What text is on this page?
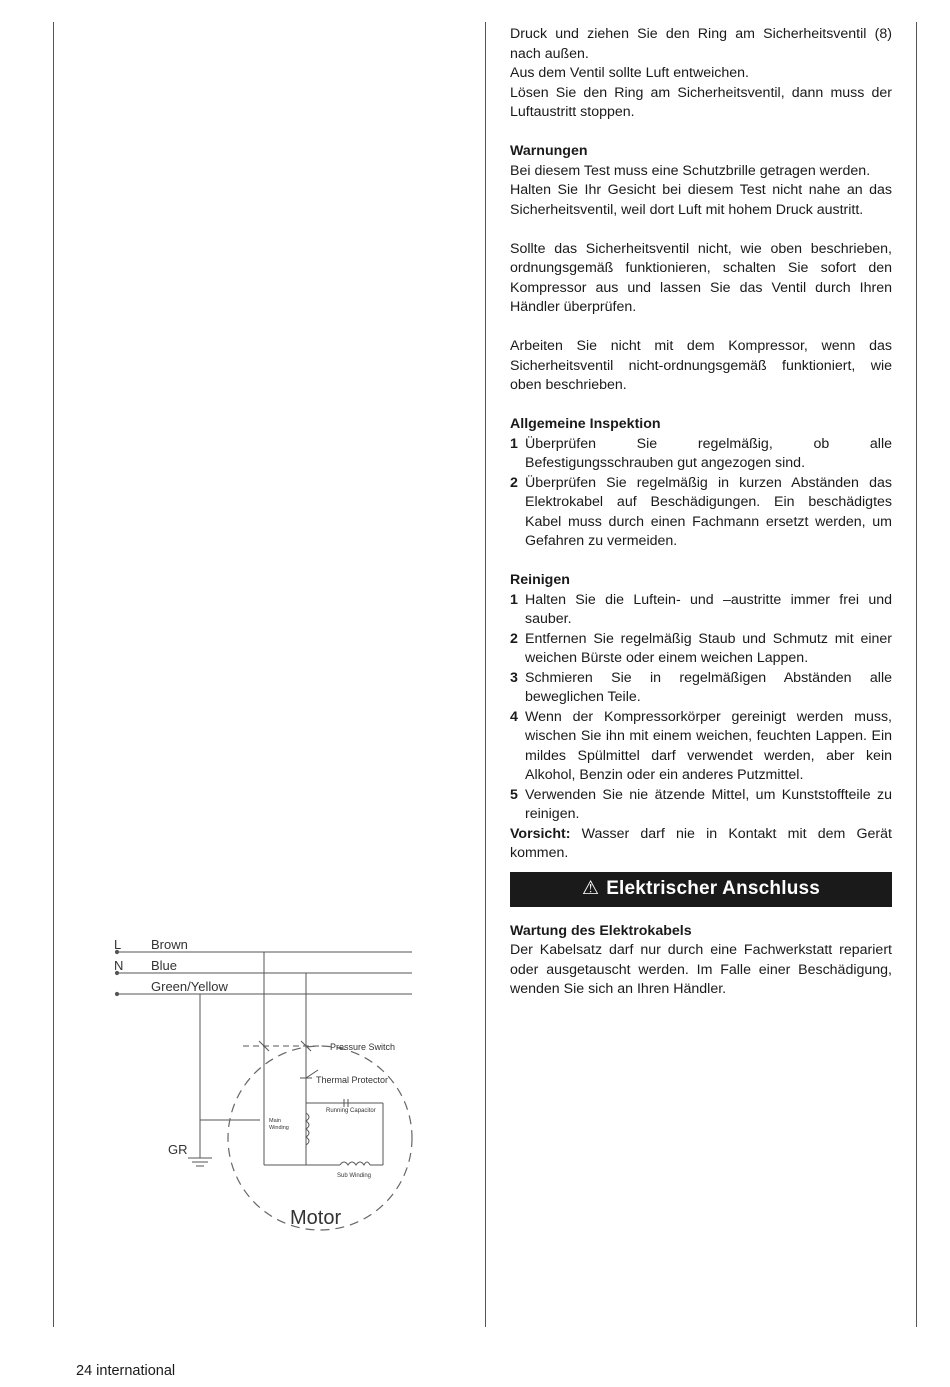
L
N
Brown
Blue
Green/Yellow
Pressure Switch
Thermal Protector
Main
Winding
Running Capacitor
Sub Winding
GR
Motor

Druck und ziehen Sie den Ring am Sicherheitsventil (8) nach außen.

Aus dem Ventil sollte Luft entweichen.

Lösen Sie den Ring am Sicherheitsventil, dann muss der Luftaustritt stoppen.

Warnungen

Bei diesem Test muss eine Schutzbrille getragen werden.

Halten Sie Ihr Gesicht bei diesem Test nicht nahe an das Sicherheitsventil, weil dort Luft mit hohem Druck austritt.

Sollte das Sicherheitsventil nicht, wie oben beschrieben, ordnungsgemäß funktionieren, schalten Sie sofort den Kompressor aus und lassen Sie das Ventil durch Ihren Händler überprüfen.

Arbeiten Sie nicht mit dem Kompressor, wenn das Sicherheitsventil nicht-ordnungsgemäß funktioniert, wie oben beschrieben.

Allgemeine Inspektion

1 Überprüfen Sie regelmäßig, ob alle Befestigungsschrauben gut angezogen sind.
2 Überprüfen Sie regelmäßig in kurzen Abständen das Elektrokabel auf Beschädigungen. Ein beschädigtes Kabel muss durch einen Fachmann ersetzt werden, um Gefahren zu vermeiden.

Reinigen

1 Halten Sie die Luftein- und –austritte immer frei und sauber.
2 Entfernen Sie regelmäßig Staub und Schmutz mit einer weichen Bürste oder einem weichen Lappen.
3 Schmieren Sie in regelmäßigen Abständen alle beweglichen Teile.
4 Wenn der Kompressorkörper gereinigt werden muss, wischen Sie ihn mit einem weichen, feuchten Lappen. Ein mildes Spülmittel darf verwendet werden, aber kein Alkohol, Benzin oder ein anderes Putzmittel.
5 Verwenden Sie nie ätzende Mittel, um Kunststoffteile zu reinigen.

Vorsicht: Wasser darf nie in Kontakt mit dem Gerät kommen.

⚠ Elektrischer Anschluss

Wartung des Elektrokabels

Der Kabelsatz darf nur durch eine Fachwerkstatt repariert oder ausgetauscht werden. Im Falle einer Beschädigung, wenden Sie sich an Ihren Händler.

24 international
